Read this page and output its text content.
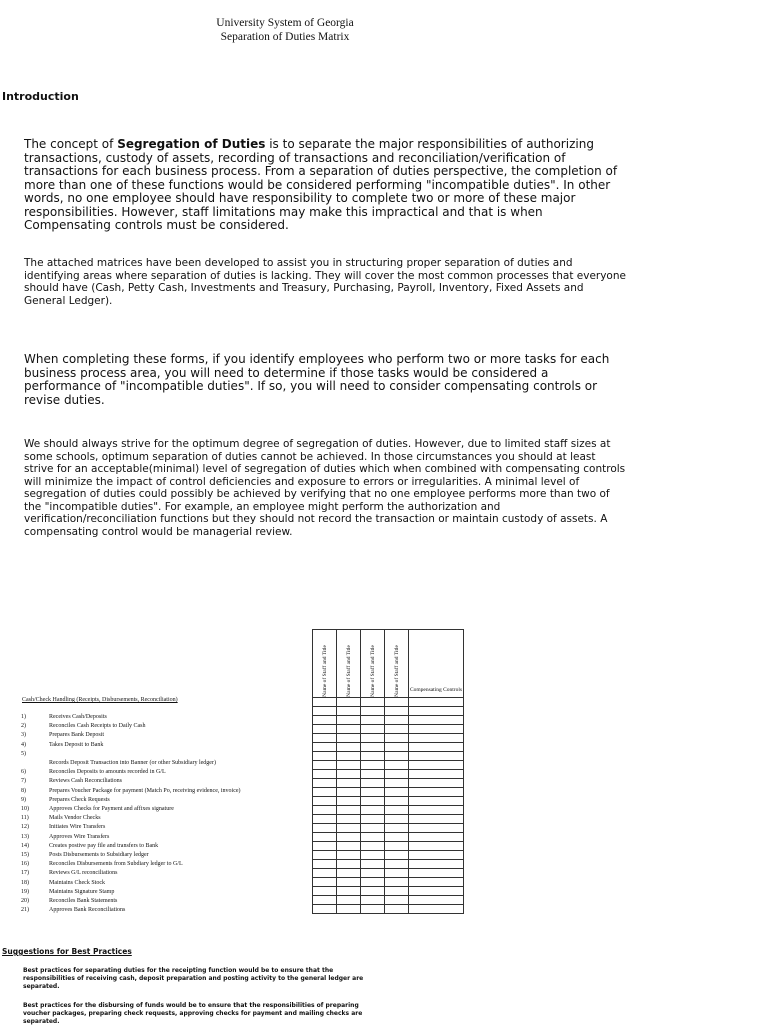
University System of Georgia
Separation of Duties Matrix
Introduction
The concept of Segregation of Duties is to separate the major responsibilities of authorizing transactions, custody of assets, recording of transactions and reconciliation/verification of transactions for each business process. From a separation of duties perspective, the completion of more than one of these functions would be considered performing "incompatible duties". In other words, no one employee should have responsibility to complete two or more of these major responsibilities. However, staff limitations may make this impractical and that is when Compensating controls must be considered.
The attached matrices have been developed to assist you in structuring proper separation of duties and identifying areas where separation of duties is lacking. They will cover the most common processes that everyone should have (Cash, Petty Cash, Investments and Treasury, Purchasing, Payroll, Inventory, Fixed Assets and General Ledger).
When completing these forms, if you identify employees who perform two or more tasks for each business process area, you will need to determine if those tasks would be considered a performance of "incompatible duties". If so, you will need to consider compensating controls or revise duties.
We should always strive for the optimum degree of segregation of duties. However, due to limited staff sizes at some schools, optimum separation of duties cannot be achieved. In those circumstances you should at least strive for an acceptable(minimal) level of segregation of duties which when combined with compensating controls will minimize the impact of control deficiencies and exposure to errors or irregularities. A minimal level of segregation of duties could possibly be achieved by verifying that no one employee performs more than two of the "incompatible duties". For example, an employee might perform the authorization and verification/reconciliation functions but they should not record the transaction or maintain custody of assets. A compensating control would be managerial review.
Name of Staff and Title	Name of Staff and Title	Name of Staff and Title	Name of Staff and Title	Compensating Controls

Cash/Check Handling (Receipts, Disbursements, Reconciliation)
1)	Receives Cash/Deposits
2)	Reconciles Cash Receipts to Daily Cash
3)	Prepares Bank Deposit
4)	Takes Deposit to Bank
5)
Records Deposit Transaction into Banner (or other Subsidiary ledger)
6)	Reconciles Deposits to amounts recorded in G/L
7)	Reviews Cash Reconciliations
8)	Prepares Voucher Package for payment (Match Po, receiving evidence, invoice)
9)	Prepares Check Requests
10)	Approves Checks for Payment and affixes signature
11)	Mails Vendor Checks
12)	Initiates Wire Transfers
13)	Approves Wire Transfers
14)	Creates postive pay file and transfers to Bank
15)	Posts Disbursements to Subsidiary ledger
16)	Reconciles Disbursements from Subdiary ledger to G/L
17)	Reviews G/L reconciliations
18)	Maintains Check Stock
19)	Maintains Signature Stamp
20)	Reconciles Bank Statements
21)	Approves Bank Reconciliations
Suggestions for Best Practices
Best practices for separating duties for the receipting function would be to ensure that the responsibilities of receiving cash, deposit preparation and posting activity to the general ledger are separated.
Best practices for the disbursing of funds would be to ensure that the responsibilities of preparing voucher packages, preparing check requests, approving checks for payment and mailing checks are separated.
